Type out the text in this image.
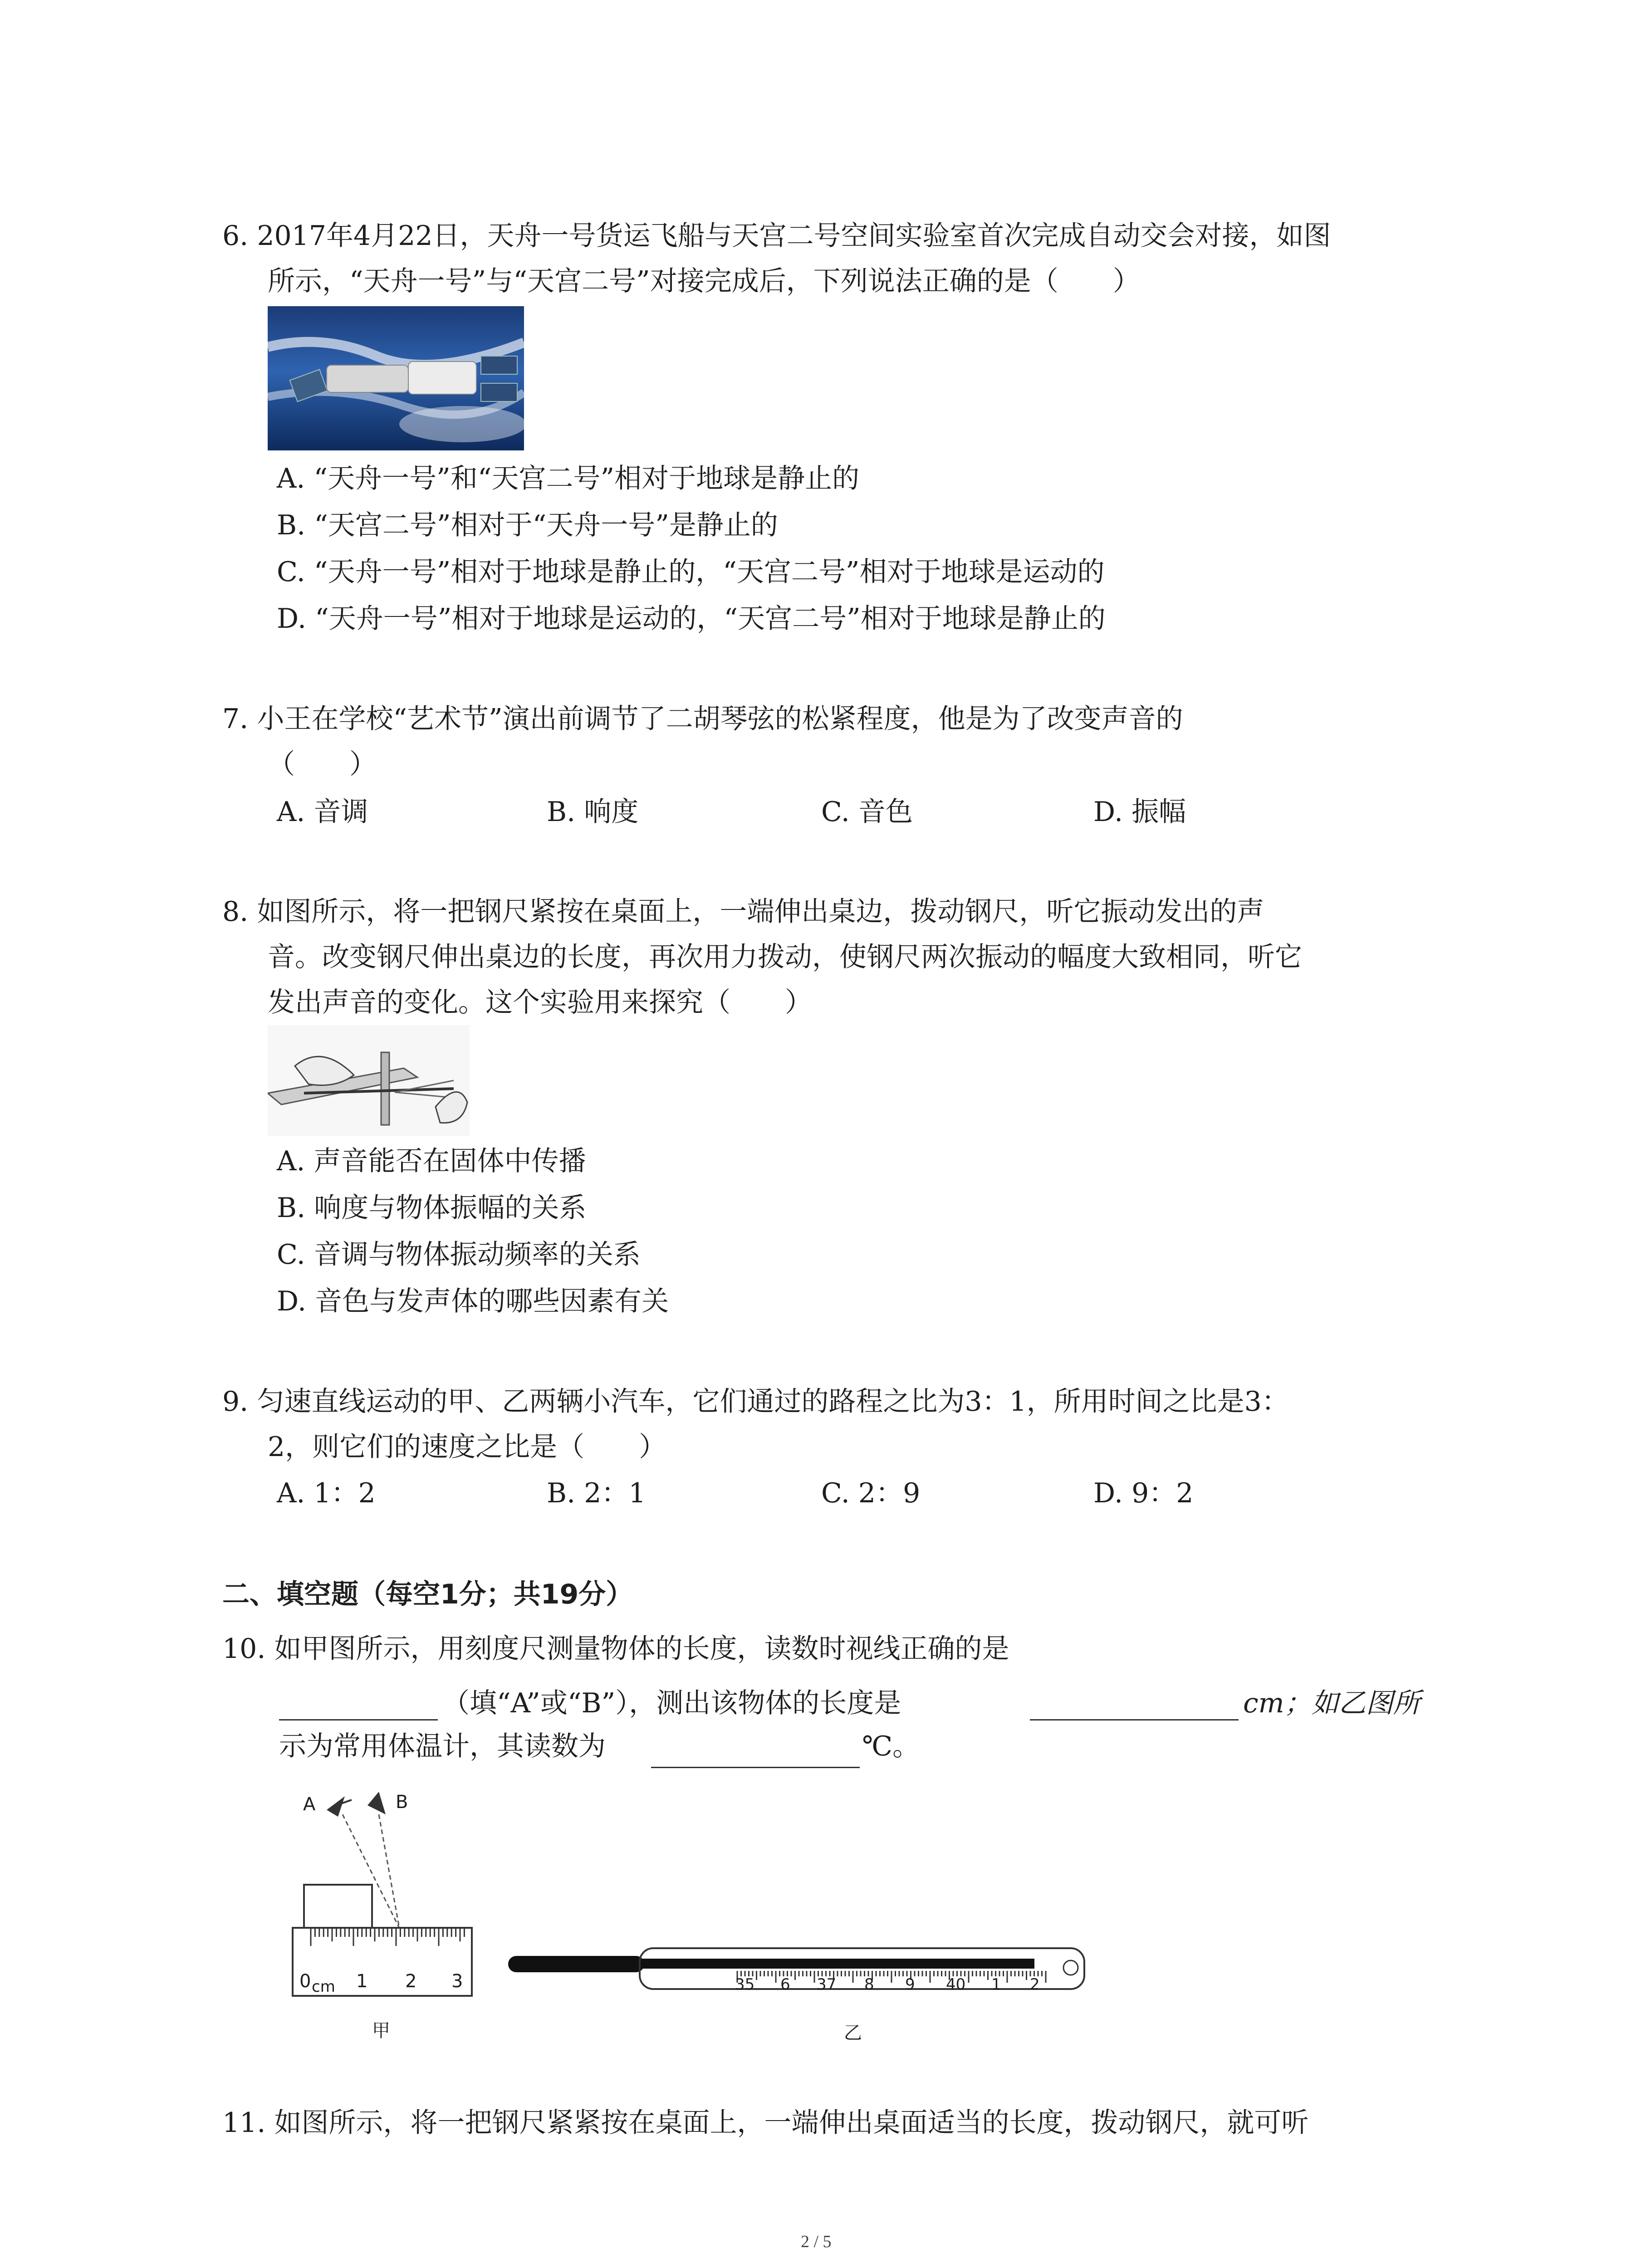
6. 2017年4月22日，天舟一号货运飞船与天宫二号空间实验室首次完成自动交会对接，如图
所示，“天舟一号”与“天宫二号”对接完成后，下列说法正确的是（　　）
A. “天舟一号”和“天宫二号”相对于地球是静止的
B. “天宫二号”相对于“天舟一号”是静止的
C. “天舟一号”相对于地球是静止的，“天宫二号”相对于地球是运动的
D. “天舟一号”相对于地球是运动的，“天宫二号”相对于地球是静止的
7. 小王在学校“艺术节”演出前调节了二胡琴弦的松紧程度，他是为了改变声音的
（　　）
A. 音调	B. 响度	C. 音色	D. 振幅
8. 如图所示，将一把钢尺紧按在桌面上，一端伸出桌边，拨动钢尺，听它振动发出的声
音。改变钢尺伸出桌边的长度，再次用力拨动，使钢尺两次振动的幅度大致相同，听它
发出声音的变化。这个实验用来探究（　　）
A. 声音能否在固体中传播
B. 响度与物体振幅的关系
C. 音调与物体振动频率的关系
D. 音色与发声体的哪些因素有关
9. 匀速直线运动的甲、乙两辆小汽车，它们通过的路程之比为3：1，所用时间之比是3：
2，则它们的速度之比是（　　）
A. 1：2	B. 2：1	C. 2：9	D. 9：2
二、填空题（每空1分；共19分）
10. 如甲图所示，用刻度尺测量物体的长度，读数时视线正确的是
（填“A”或“B”），测出该物体的长度是	cm；如乙图所
示为常用体温计，其读数为	℃。
A	B
0 cm 1 2 3
甲
35 6 37 8 9 40 1 2
乙
11. 如图所示，将一把钢尺紧紧按在桌面上，一端伸出桌面适当的长度，拨动钢尺，就可听
2 / 5
